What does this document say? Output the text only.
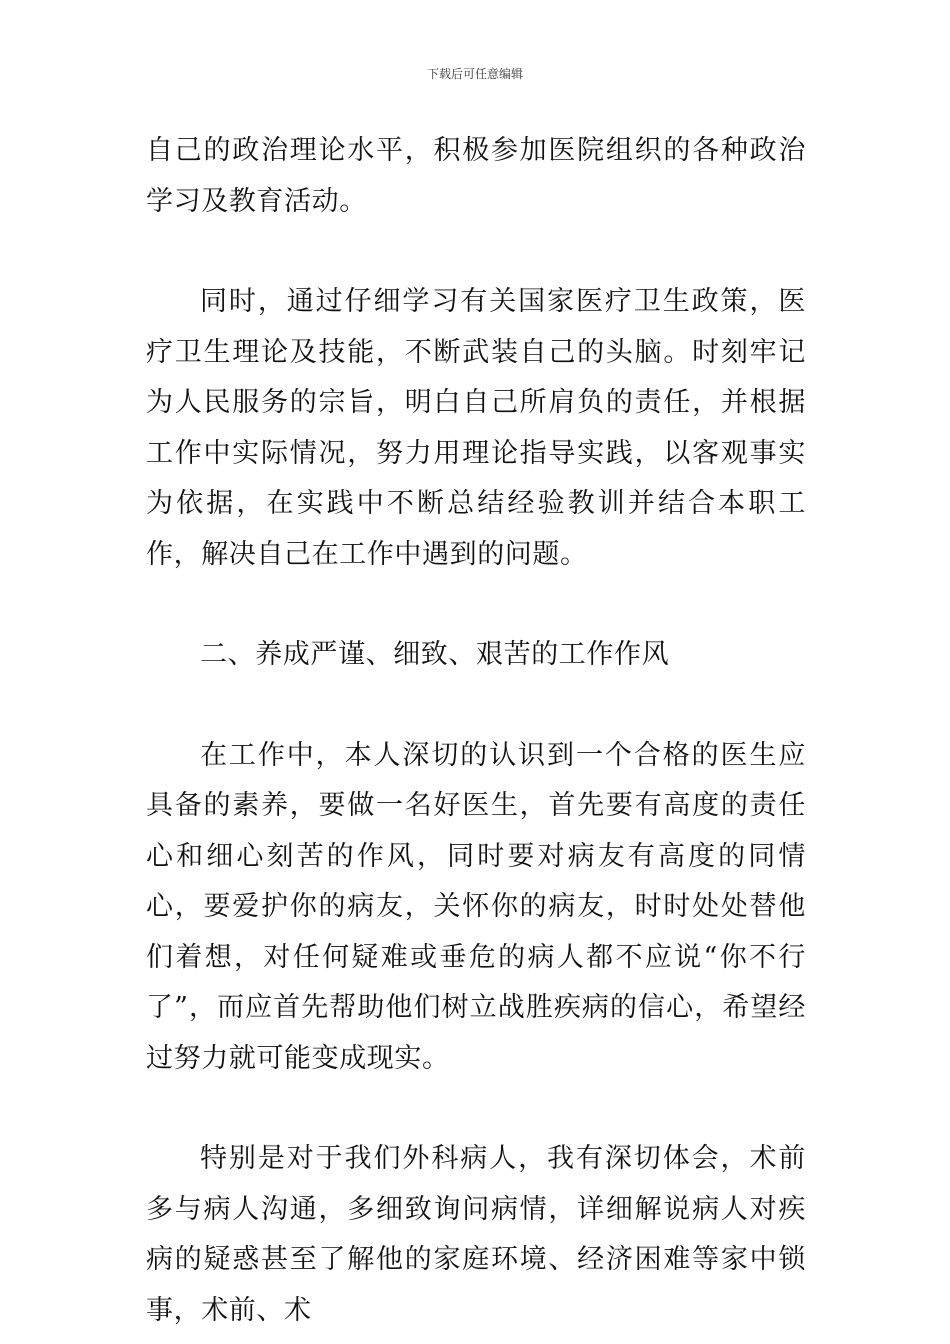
下载后可任意编辑

自己的政治理论水平，积极参加医院组织的各种政治学习及教育活动。

同时，通过仔细学习有关国家医疗卫生政策，医疗卫生理论及技能，不断武装自己的头脑。时刻牢记为人民服务的宗旨，明白自己所肩负的责任，并根据工作中实际情况，努力用理论指导实践，以客观事实为依据，在实践中不断总结经验教训并结合本职工作，解决自己在工作中遇到的问题。

二、养成严谨、细致、艰苦的工作作风

在工作中，本人深切的认识到一个合格的医生应具备的素养，要做一名好医生，首先要有高度的责任心和细心刻苦的作风，同时要对病友有高度的同情心，要爱护你的病友，关怀你的病友，时时处处替他们着想，对任何疑难或垂危的病人都不应说“你不行了”，而应首先帮助他们树立战胜疾病的信心，希望经过努力就可能变成现实。

特别是对于我们外科病人，我有深切体会，术前多与病人沟通，多细致询问病情，详细解说病人对疾病的疑惑甚至了解他的家庭环境、经济困难等家中锁事，术前、术
